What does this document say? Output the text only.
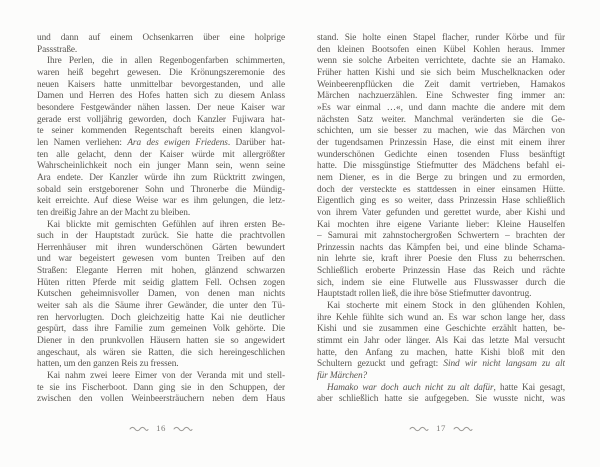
und dann auf einem Ochsenkarren über eine holprige
Passstraße.
Ihre Perlen, die in allen Regenbogenfarben schimmerten,
waren heiß begehrt gewesen. Die Krönungszeremonie des
neuen Kaisers hatte unmittelbar bevorgestanden, und alle
Damen und Herren des Hofes hatten sich zu diesem Anlass
besondere Festgewänder nähen lassen. Der neue Kaiser war
gerade erst volljährig geworden, doch Kanzler Fujiwara hat-
te seiner kommenden Regentschaft bereits einen klangvol-
len Namen verliehen: Ära des ewigen Friedens. Darüber hat-
ten alle gelacht, denn der Kaiser würde mit allergrößter
Wahrscheinlichkeit noch ein junger Mann sein, wenn seine
Ära endete. Der Kanzler würde ihn zum Rücktritt zwingen,
sobald sein erstgeborener Sohn und Thronerbe die Mündig-
keit erreichte. Auf diese Weise war es ihm gelungen, die letz-
ten dreißig Jahre an der Macht zu bleiben.
Kai blickte mit gemischten Gefühlen auf ihren ersten Be-
such in der Hauptstadt zurück. Sie hatte die prachtvollen
Herrenhäuser mit ihren wunderschönen Gärten bewundert
und war begeistert gewesen vom bunten Treiben auf den
Straßen: Elegante Herren mit hohen, glänzend schwarzen
Hüten ritten Pferde mit seidig glattem Fell. Ochsen zogen
Kutschen geheimnisvoller Damen, von denen man nichts
weiter sah als die Säume ihrer Gewänder, die unter den Tü-
ren hervorlugten. Doch gleichzeitig hatte Kai nie deutlicher
gespürt, dass ihre Familie zum gemeinen Volk gehörte. Die
Diener in den prunkvollen Häusern hatten sie so angewidert
angeschaut, als wären sie Ratten, die sich hereingeschlichen
hatten, um den ganzen Reis zu fressen.
Kai nahm zwei leere Eimer von der Veranda mit und stell-
te sie ins Fischerboot. Dann ging sie in den Schuppen, der
zwischen den vollen Weinbeersträuchern neben dem Haus
16
stand. Sie holte einen Stapel flacher, runder Körbe und für
den kleinen Bootsofen einen Kübel Kohlen heraus. Immer
wenn sie solche Arbeiten verrichtete, dachte sie an Hamako.
Früher hatten Kishi und sie sich beim Muschelknacken oder
Weinbeerenpflücken die Zeit damit vertrieben, Hamakos
Märchen nachzuerzählen. Eine Schwester fing immer an:
»Es war einmal …«, und dann machte die andere mit dem
nächsten Satz weiter. Manchmal veränderten sie die Ge-
schichten, um sie besser zu machen, wie das Märchen von
der tugendsamen Prinzessin Hase, die einst mit einem ihrer
wunderschönen Gedichte einen tosenden Fluss besänftigt
hatte. Die missgünstige Stiefmutter des Mädchens befahl ei-
nem Diener, es in die Berge zu bringen und zu ermorden,
doch der versteckte es stattdessen in einer einsamen Hütte.
Eigentlich ging es so weiter, dass Prinzessin Hase schließlich
von ihrem Vater gefunden und gerettet wurde, aber Kishi und
Kai mochten ihre eigene Variante lieber: Kleine Hauselfen
– Samurai mit zahnstochergroßen Schwertern – brachten der
Prinzessin nachts das Kämpfen bei, und eine blinde Schama-
nin lehrte sie, kraft ihrer Poesie den Fluss zu beherrschen.
Schließlich eroberte Prinzessin Hase das Reich und rächte
sich, indem sie eine Flutwelle aus Flusswasser durch die
Hauptstadt rollen ließ, die ihre böse Stiefmutter davontrug.
Kai stocherte mit einem Stock in den glühenden Kohlen,
ihre Kehle fühlte sich wund an. Es war schon lange her, dass
Kishi und sie zusammen eine Geschichte erzählt hatten, be-
stimmt ein Jahr oder länger. Als Kai das letzte Mal versucht
hatte, den Anfang zu machen, hatte Kishi bloß mit den
Schultern gezuckt und gefragt: Sind wir nicht langsam zu alt
für Märchen?
Hamako war doch auch nicht zu alt dafür, hatte Kai gesagt,
aber schließlich hatte sie aufgegeben. Sie wusste nicht, was
17
